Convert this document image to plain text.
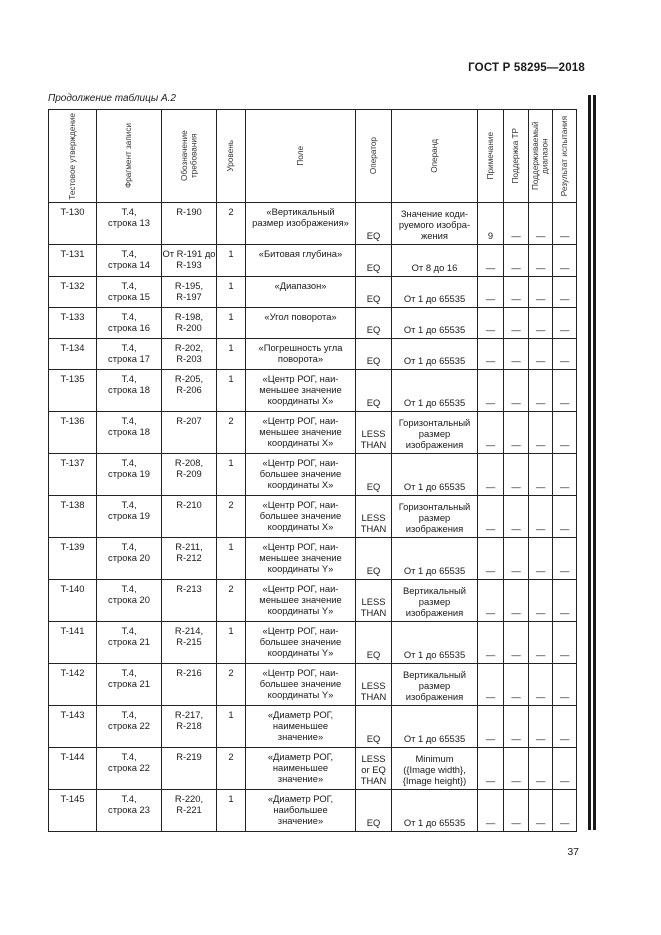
ГОСТ Р 58295—2018
Продолжение таблицы А.2
Тестовое утверждение	Фрагмент записи	Обозначение требования	Уровень	Поле	Оператор	Операнд	Примечание	Поддержка ТР	Поддерживаемый диапазон	Результат испытания

T-130	T.4,
строка 13	R-190	2	«Вертикальный
размер изображения»	EQ	Значение коди-
руемого изобра-
жения	9	—	—	—
T-131	T.4,
строка 14	От R-191 до
R-193	1	«Битовая глубина»	EQ	От 8 до 16	—	—	—	—
T-132	T.4,
строка 15	R-195,
R-197	1	«Диапазон»	EQ	От 1 до 65535	—	—	—	—
T-133	T.4,
строка 16	R-198,
R-200	1	«Угол поворота»	EQ	От 1 до 65535	—	—	—	—
T-134	T.4,
строка 17	R-202,
R-203	1	«Погрешность угла
поворота»	EQ	От 1 до 65535	—	—	—	—
T-135	T.4,
строка 18	R-205,
R-206	1	«Центр РОГ, наи-
меньшее значение
координаты X»	EQ	От 1 до 65535	—	—	—	—
T-136	T.4,
строка 18	R-207	2	«Центр РОГ, наи-
меньшее значение
координаты X»	LESS
THAN	Горизонтальный
размер
изображения	—	—	—	—
T-137	T.4,
строка 19	R-208,
R-209	1	«Центр РОГ, наи-
большее значение
координаты X»	EQ	От 1 до 65535	—	—	—	—
T-138	T.4,
строка 19	R-210	2	«Центр РОГ, наи-
большее значение
координаты X»	LESS
THAN	Горизонтальный
размер
изображения	—	—	—	—
T-139	T.4,
строка 20	R-211,
R-212	1	«Центр РОГ, наи-
меньшее значение
координаты Y»	EQ	От 1 до 65535	—	—	—	—
T-140	T.4,
строка 20	R-213	2	«Центр РОГ, наи-
меньшее значение
координаты Y»	LESS
THAN	Вертикальный
размер
изображения	—	—	—	—
T-141	T.4,
строка 21	R-214,
R-215	1	«Центр РОГ, наи-
большее значение
координаты Y»	EQ	От 1 до 65535	—	—	—	—
T-142	T.4,
строка 21	R-216	2	«Центр РОГ, наи-
большее значение
координаты Y»	LESS
THAN	Вертикальный
размер
изображения	—	—	—	—
T-143	T.4,
строка 22	R-217,
R-218	1	«Диаметр РОГ,
наименьшее
значение»	EQ	От 1 до 65535	—	—	—	—
T-144	T.4,
строка 22	R-219	2	«Диаметр РОГ,
наименьшее
значение»	LESS
or EQ
THAN	Minimum
({Image width},
{Image height})	—	—	—	—
T-145	T.4,
строка 23	R-220,
R-221	1	«Диаметр РОГ,
наибольшее
значение»	EQ	От 1 до 65535	—	—	—	—
37
